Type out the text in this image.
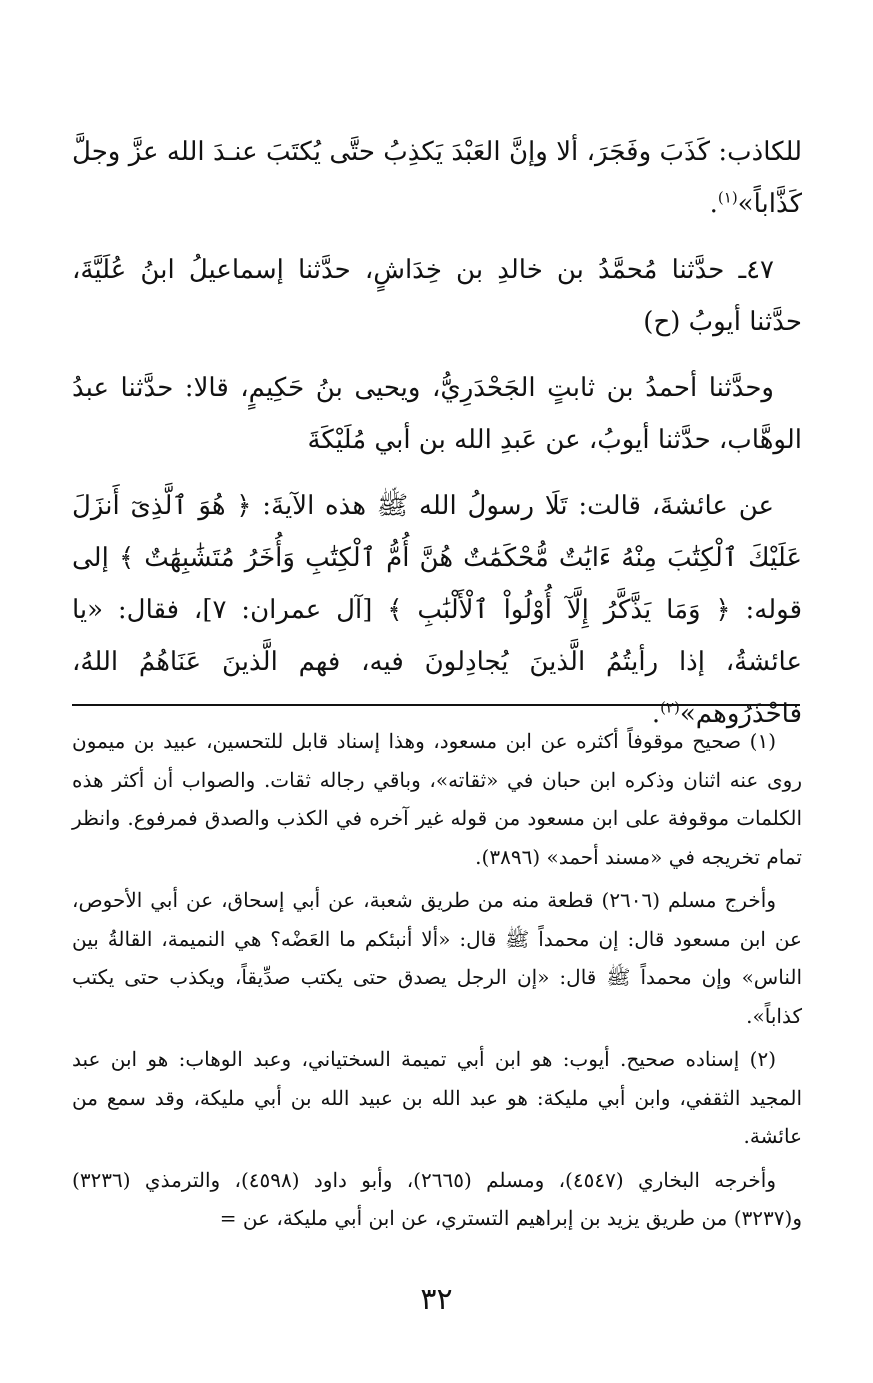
للكاذب: كَذَبَ وفَجَرَ، ألا وإنَّ العَبْدَ يَكذِبُ حتَّى يُكتَبَ عنـدَ الله عزَّ وجلَّ كَذَّاباً»$^{(١)}$.

٤٧ـ حدَّثنا مُحمَّدُ بن خالدِ بن خِدَاشٍ، حدَّثنا إسماعيلُ ابنُ عُلَيَّةَ، حدَّثنا أيوبُ (ح)

وحدَّثنا أحمدُ بن ثابتٍ الجَحْدَرِيُّ، ويحيى بنُ حَكِيمٍ، قالا: حدَّثنا عبدُ الوهَّاب، حدَّثنا أيوبُ، عن عَبدِ الله بن أبي مُلَيْكَةَ

عن عائشةَ، قالت: تَلَا رسولُ الله ﷺ هذه الآيةَ: ﴿ هُوَ ٱلَّذِىٓ أَنزَلَ عَلَيْكَ ٱلْكِتَٰبَ مِنْهُ ءَايَٰتٌ مُّحْكَمَٰتٌ هُنَّ أُمُّ ٱلْكِتَٰبِ وَأُخَرُ مُتَشَٰبِهَٰتٌ ﴾ إلى قوله: ﴿ وَمَا يَذَّكَّرُ إِلَّآ أُوْلُواْ ٱلْأَلْبَٰبِ ﴾ [آل عمران: ٧]، فقال: «يا عائشةُ، إذا رأيتُمُ الَّذينَ يُجادِلونَ فيه، فهم الَّذينَ عَنَاهُمُ اللهُ، فاحْذَرُوهم»$^{(٢)}$.

(١) صحيح موقوفاً أكثره عن ابن مسعود، وهذا إسناد قابل للتحسين، عبيد بن ميمون روى عنه اثنان وذكره ابن حبان في «ثقاته»، وباقي رجاله ثقات. والصواب أن أكثر هذه الكلمات موقوفة على ابن مسعود من قوله غير آخره في الكذب والصدق فمرفوع. وانظر تمام تخريجه في «مسند أحمد» (٣٨٩٦).

وأخرج مسلم (٢٦٠٦) قطعة منه من طريق شعبة، عن أبي إسحاق، عن أبي الأحوص، عن ابن مسعود قال: إن محمداً ﷺ قال: «ألا أنبئكم ما العَضْه؟ هي النميمة، القالةُ بين الناس» وإن محمداً ﷺ قال: «إن الرجل يصدق حتى يكتب صدِّيقاً، ويكذب حتى يكتب كذاباً».

(٢) إسناده صحيح. أيوب: هو ابن أبي تميمة السختياني، وعبد الوهاب: هو ابن عبد المجيد الثقفي، وابن أبي مليكة: هو عبد الله بن عبيد الله بن أبي مليكة، وقد سمع من عائشة.

وأخرجه البخاري (٤٥٤٧)، ومسلم (٢٦٦٥)، وأبو داود (٤٥٩٨)، والترمذي (٣٢٣٦) و(٣٢٣٧) من طريق يزيد بن إبراهيم التستري، عن ابن أبي مليكة، عن =

٣٢
